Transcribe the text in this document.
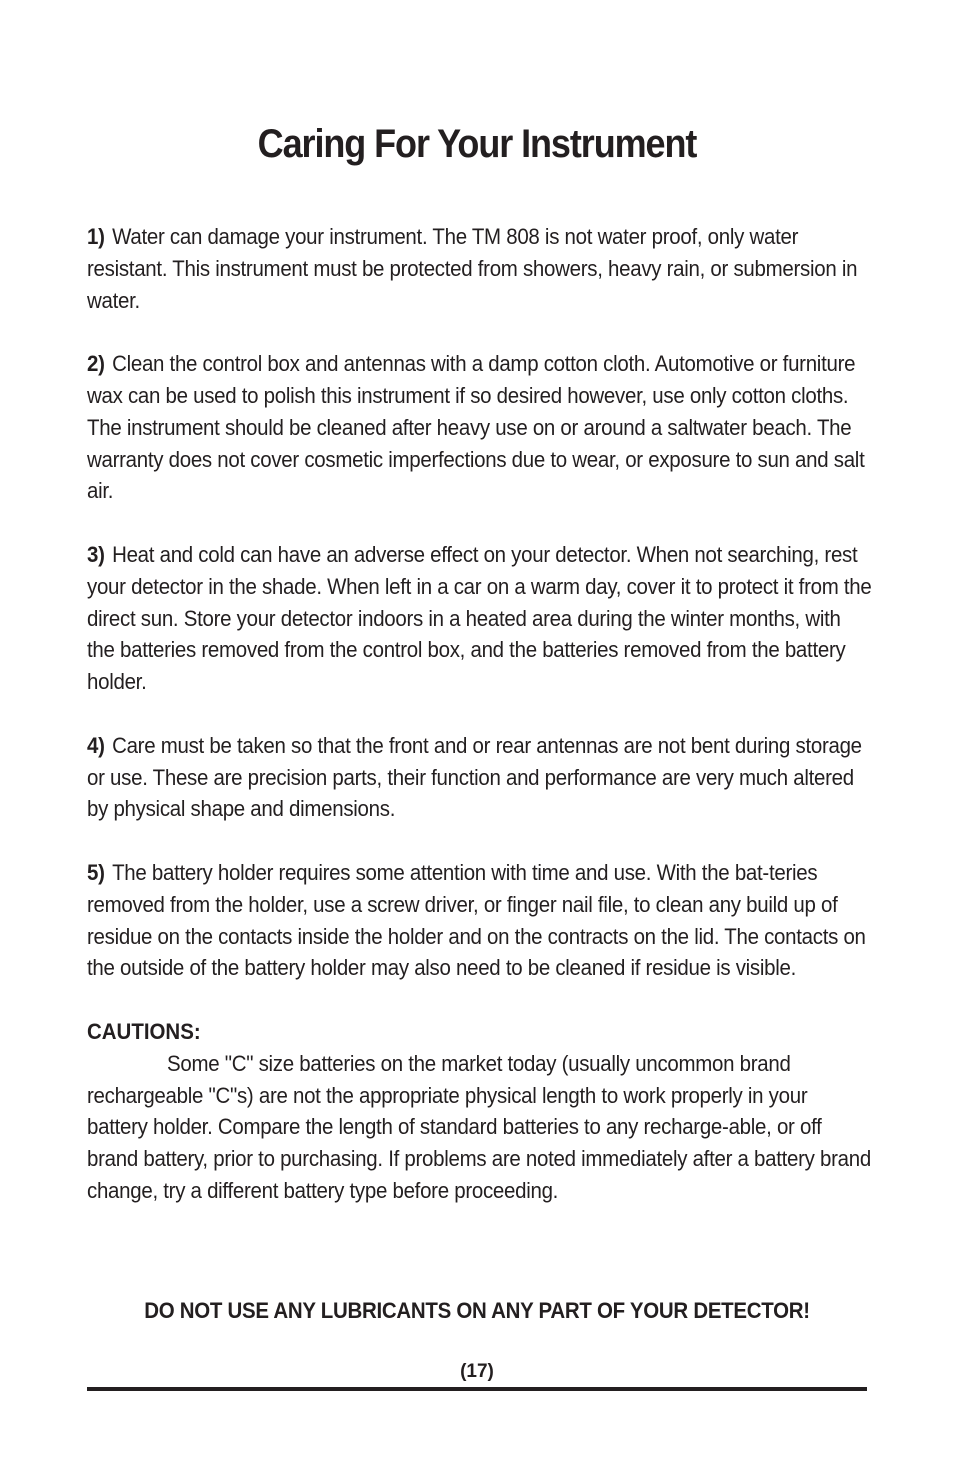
Caring For Your Instrument

1) Water can damage your instrument. The TM 808 is not water proof, only water resistant. This instrument must be protected from showers, heavy rain, or submersion in water.

2) Clean the control box and antennas with a damp cotton cloth. Automotive or furniture wax can be used to polish this instrument if so desired however, use only cotton cloths. The instrument should be cleaned after heavy use on or around a saltwater beach. The warranty does not cover cosmetic imperfections due to wear, or exposure to sun and salt air.

3) Heat and cold can have an adverse effect on your detector. When not searching, rest your detector in the shade. When left in a car on a warm day, cover it to protect it from the direct sun. Store your detector indoors in a heated area during the winter months, with the batteries removed from the control box, and the batteries removed from the battery holder.

4) Care must be taken so that the front and or rear antennas are not bent during storage or use. These are precision parts, their function and performance are very much altered by physical shape and dimensions.

5) The battery holder requires some attention with time and use. With the bat-teries removed from the holder, use a screw driver, or finger nail file, to clean any build up of residue on the contacts inside the holder and on the contracts on the lid. The contacts on the outside of the battery holder may also need to be cleaned if residue is visible.

CAUTIONS:

Some "C" size batteries on the market today (usually uncommon brand rechargeable "C"s) are not the appropriate physical length to work properly in your battery holder. Compare the length of standard batteries to any recharge-able, or off brand battery, prior to purchasing. If problems are noted immediately after a battery brand change, try a different battery type before proceeding.

DO NOT USE ANY LUBRICANTS ON ANY PART OF YOUR DETECTOR!

(17)
